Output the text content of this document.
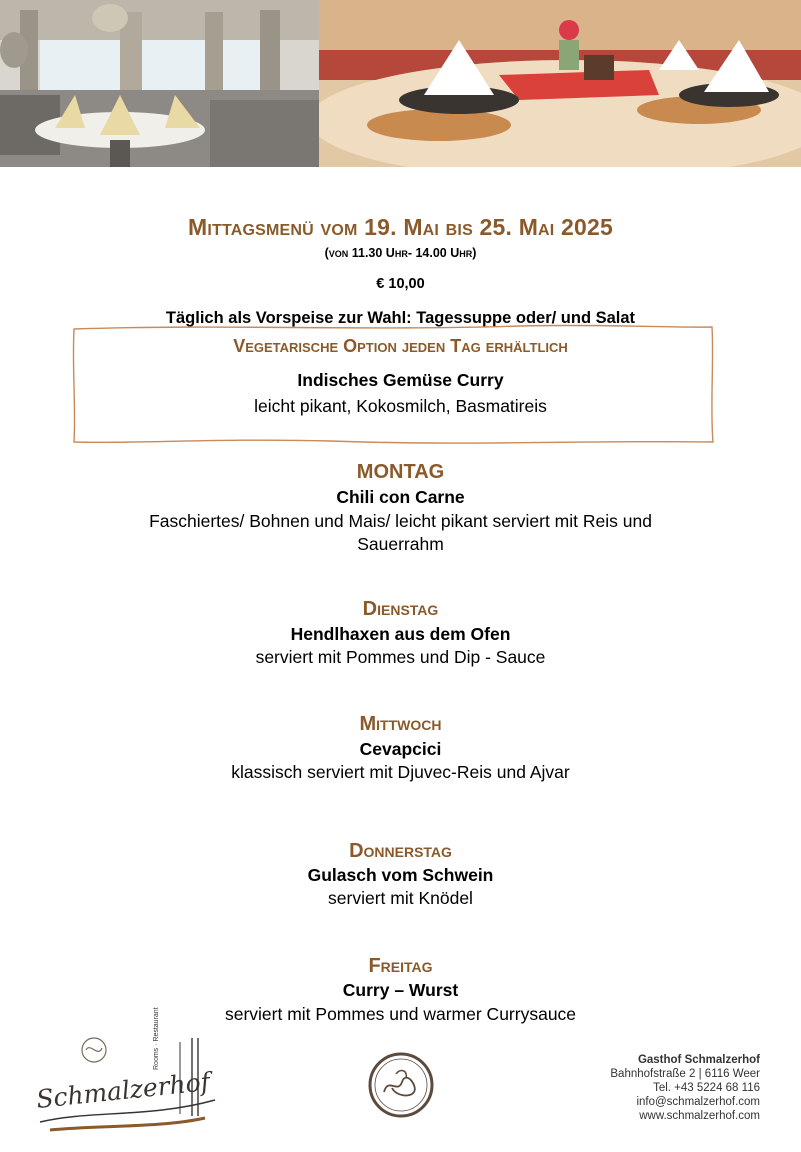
Mittagsmenü vom 19. Mai bis 25. Mai 2025
(von 11.30 Uhr- 14.00 Uhr)
€ 10,00
Täglich als Vorspeise zur Wahl: Tagessuppe oder/ und Salat
Vegetarische Option jeden Tag erhältlich
Indisches Gemüse Curry
leicht pikant, Kokosmilch, Basmatireis
MONTAG
Chili con Carne
Faschiertes/ Bohnen und Mais/ leicht pikant serviert mit Reis und
Sauerrahm
Dienstag
Hendlhaxen aus dem Ofen
serviert mit Pommes und Dip - Sauce
Mittwoch
Cevapcici
klassisch serviert mit Djuvec-Reis und Ajvar
Donnerstag
Gulasch vom Schwein
serviert mit Knödel
Freitag
Curry – Wurst
serviert mit Pommes und warmer Currysauce
Schmalzerhof
Rooms · Restaurant	Gasthof Schmalzerhof
Bahnhofstraße 2 | 6116 Weer
Tel. +43 5224 68 116
info@schmalzerhof.com
www.schmalzerhof.com
